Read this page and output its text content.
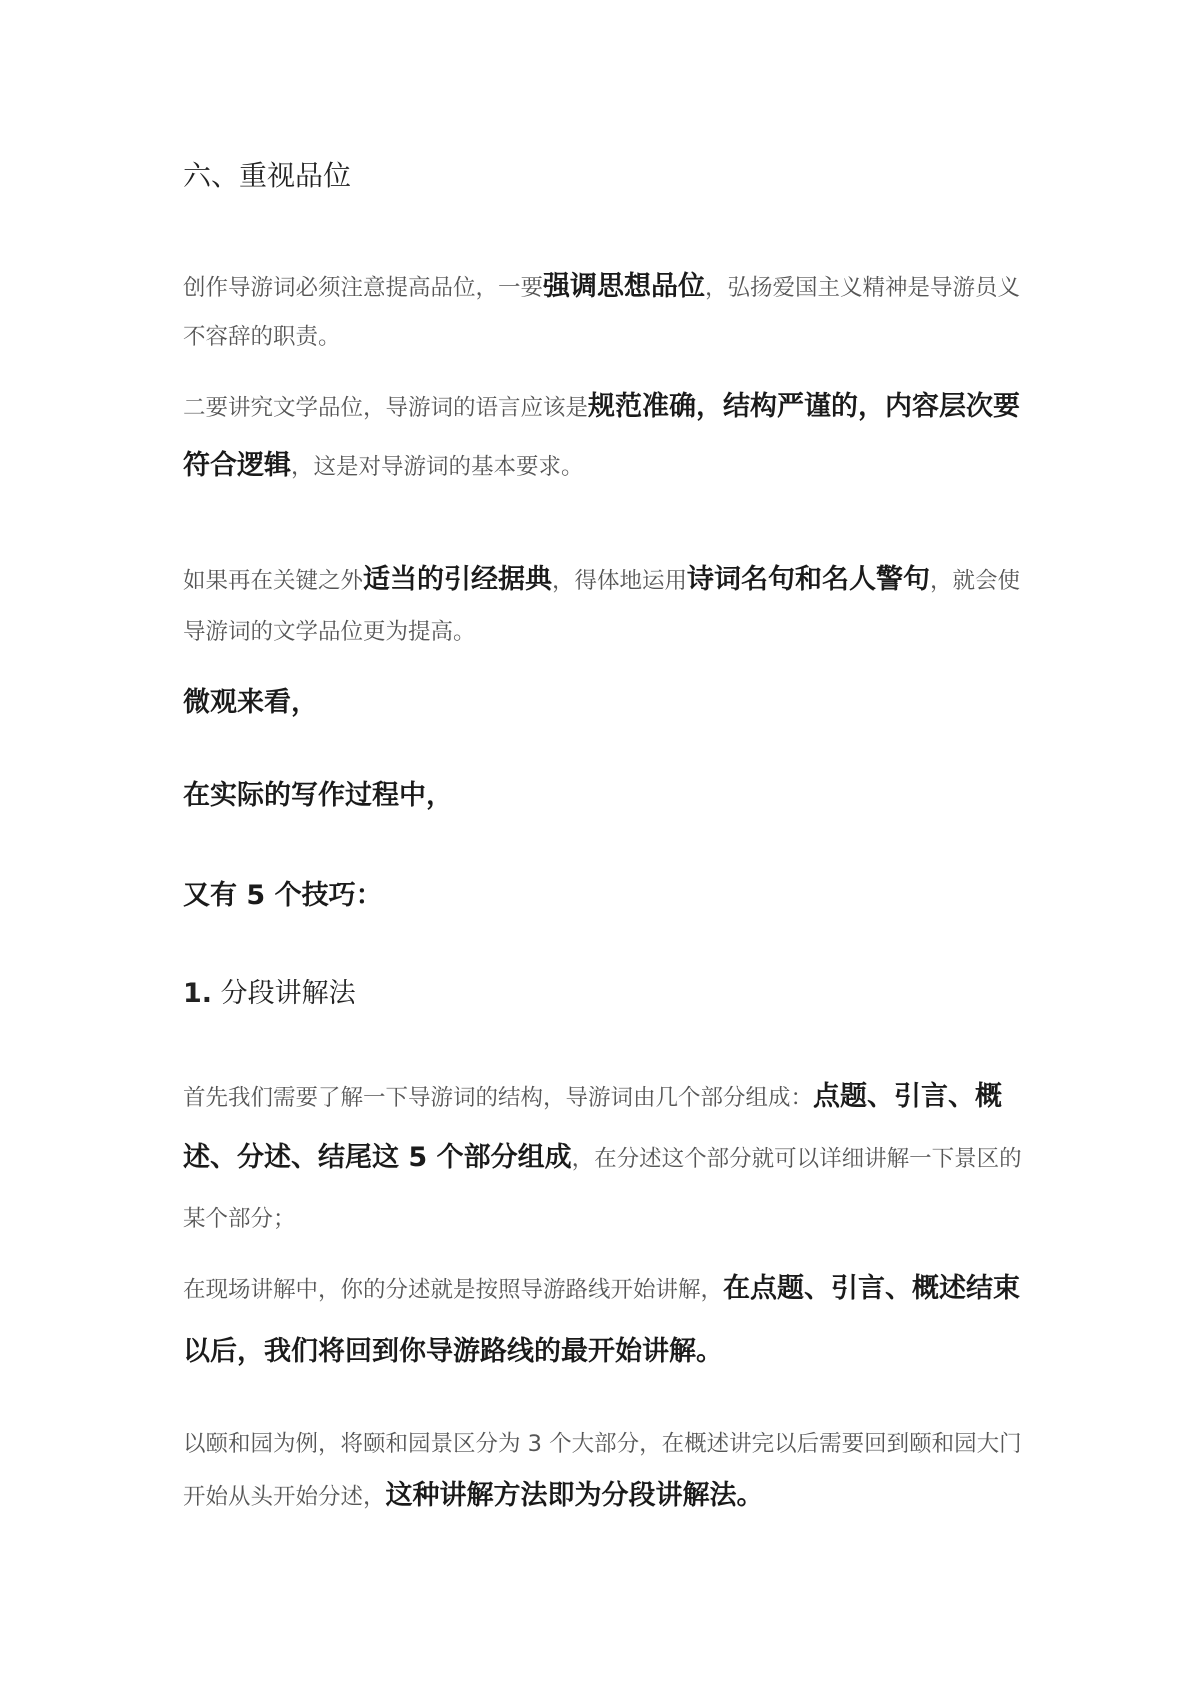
六、重视品位

创作导游词必须注意提高品位，一要强调思想品位，弘扬爱国主义精神是导游员义不容辞的职责。

二要讲究文学品位，导游词的语言应该是规范准确，结构严谨的，内容层次要符合逻辑，这是对导游词的基本要求。

如果再在关键之外适当的引经据典，得体地运用诗词名句和名人警句，就会使导游词的文学品位更为提高。

微观来看，

在实际的写作过程中，

又有 5 个技巧：

1. 分段讲解法

首先我们需要了解一下导游词的结构，导游词由几个部分组成：点题、引言、概述、分述、结尾这 5 个部分组成，在分述这个部分就可以详细讲解一下景区的某个部分；

在现场讲解中，你的分述就是按照导游路线开始讲解，在点题、引言、概述结束以后，我们将回到你导游路线的最开始讲解。

以颐和园为例，将颐和园景区分为 3 个大部分，在概述讲完以后需要回到颐和园大门开始从头开始分述，这种讲解方法即为分段讲解法。
